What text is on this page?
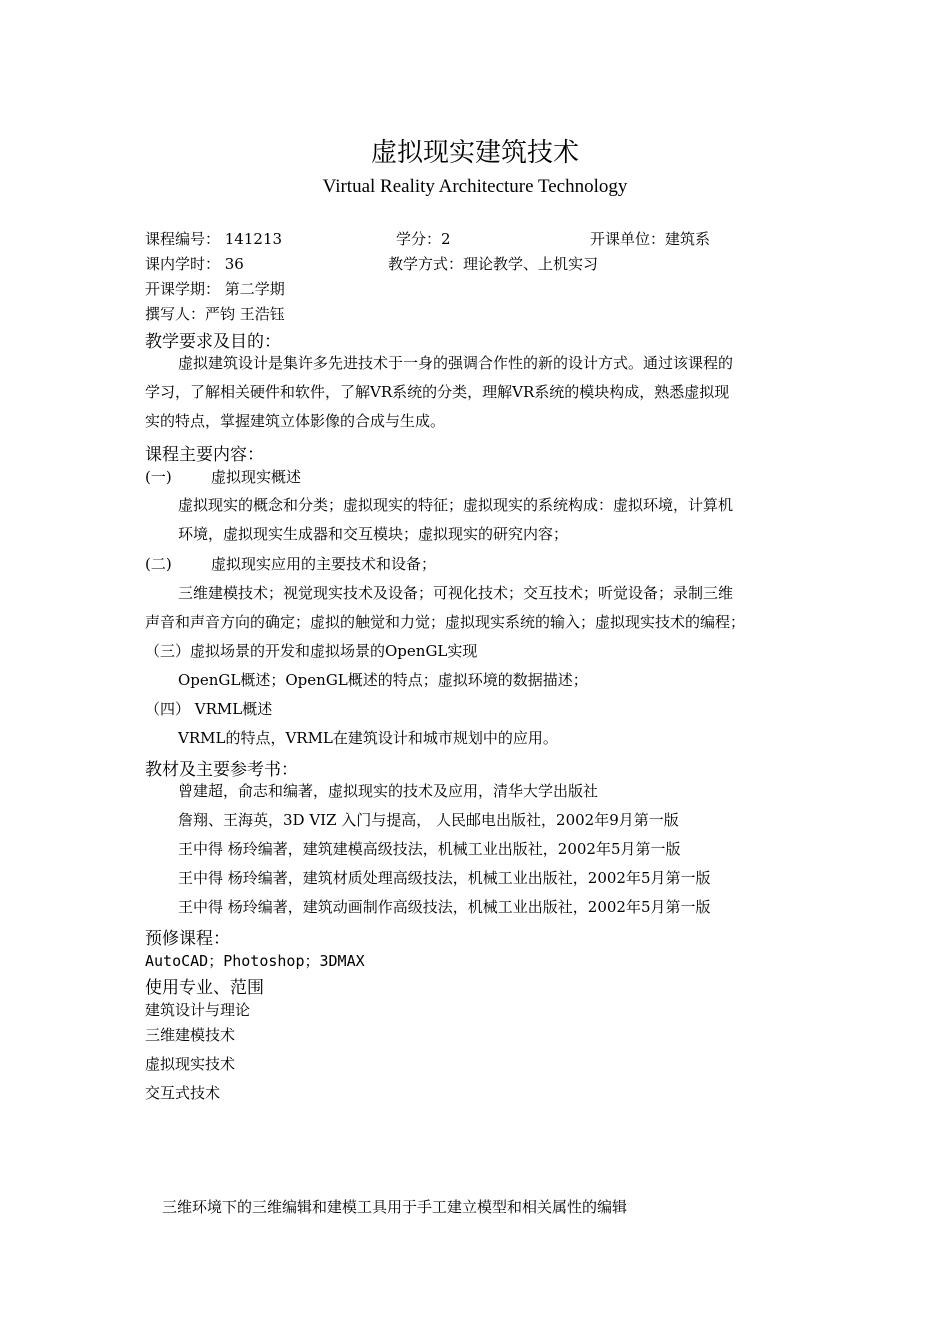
虚拟现实建筑技术
Virtual Reality Architecture Technology
课程编号： 141213	学分：2	开课单位：建筑系
课内学时： 36	教学方式：理论教学、上机实习
开课学期： 第二学期
撰写人：严钧 王浩钰
教学要求及目的：
虚拟建筑设计是集许多先进技术于一身的强调合作性的新的设计方式。通过该课程的
学习，了解相关硬件和软件，了解VR系统的分类，理解VR系统的模块构成，熟悉虚拟现
实的特点，掌握建筑立体影像的合成与生成。
课程主要内容：
(一)	虚拟现实概述
虚拟现实的概念和分类；虚拟现实的特征；虚拟现实的系统构成：虚拟环境，计算机
环境，虚拟现实生成器和交互模块；虚拟现实的研究内容；
(二)	虚拟现实应用的主要技术和设备；
三维建模技术；视觉现实技术及设备；可视化技术；交互技术；听觉设备；录制三维
声音和声音方向的确定；虚拟的触觉和力觉；虚拟现实系统的输入；虚拟现实技术的编程；
（三）虚拟场景的开发和虚拟场景的OpenGL实现
OpenGL概述；OpenGL概述的特点；虚拟环境的数据描述；
（四） VRML概述
VRML的特点，VRML在建筑设计和城市规划中的应用。
教材及主要参考书：
曾建超，俞志和编著，虚拟现实的技术及应用，清华大学出版社
詹翔、王海英，3D VIZ 入门与提高， 人民邮电出版社，2002年9月第一版
王中得 杨玲编著，建筑建模高级技法，机械工业出版社，2002年5月第一版
王中得 杨玲编著，建筑材质处理高级技法，机械工业出版社，2002年5月第一版
王中得 杨玲编著，建筑动画制作高级技法，机械工业出版社，2002年5月第一版
预修课程：
AutoCAD；Photoshop；3DMAX
使用专业、范围
建筑设计与理论
三维建模技术
虚拟现实技术
交互式技术
三维环境下的三维编辑和建模工具用于手工建立模型和相关属性的编辑
